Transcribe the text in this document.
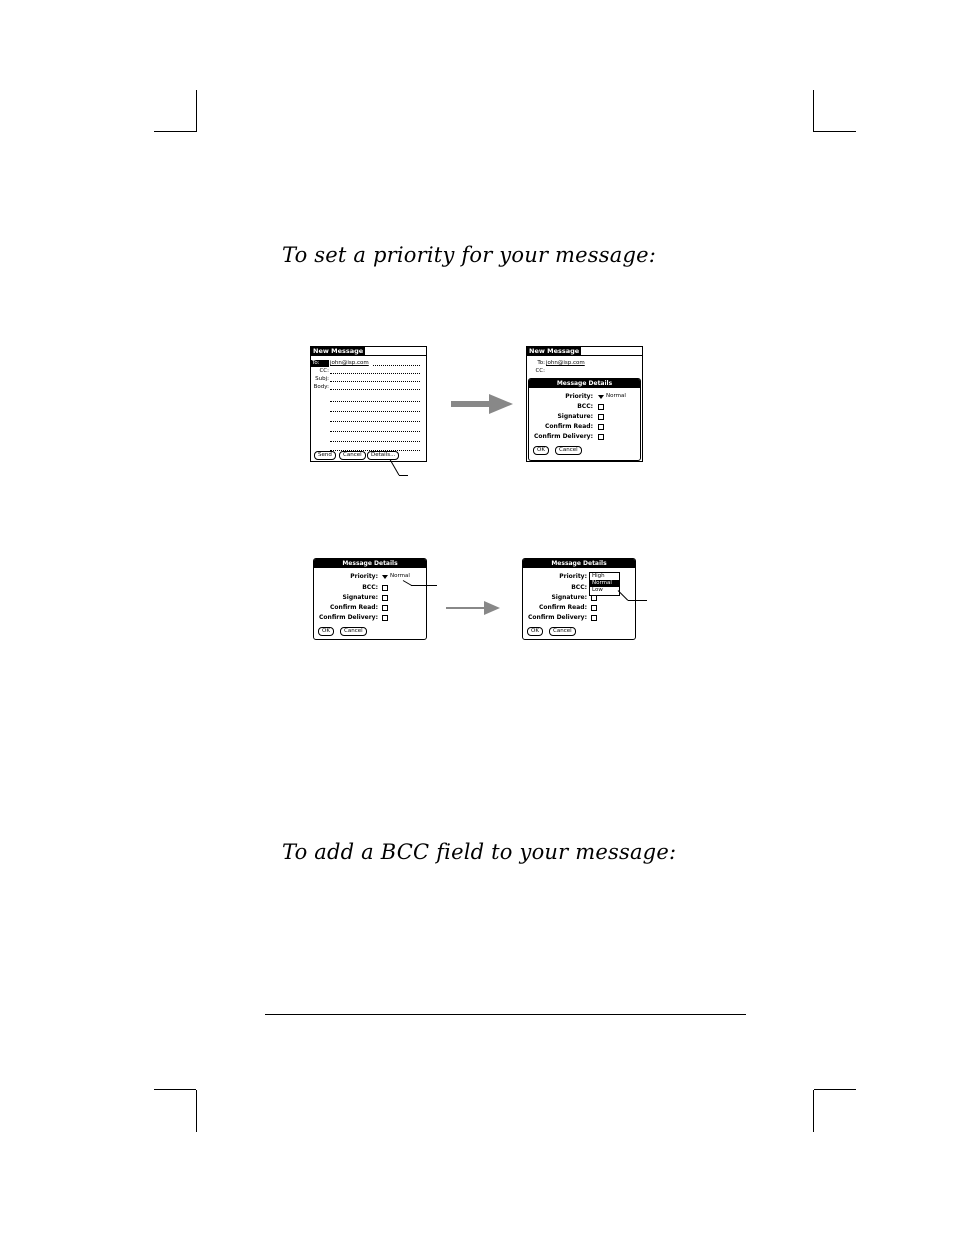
To set a priority for your message:
New Message
To:	john@isp.com
CC:
Subj:
Body:
Send	Cancel	Details...
New Message
To: john@isp.com
CC:
Message Details
Priority: Normal
BCC:
Signature:
Confirm Read:
Confirm Delivery:
OK	Cancel
Message Details
Priority: Normal
BCC:
Signature:
Confirm Read:
Confirm Delivery:
OK	Cancel
Message Details
Priority:
BCC:
Signature:
Confirm Read:
Confirm Delivery:
High
Normal
Low
OK	Cancel
To add a BCC field to your message:
